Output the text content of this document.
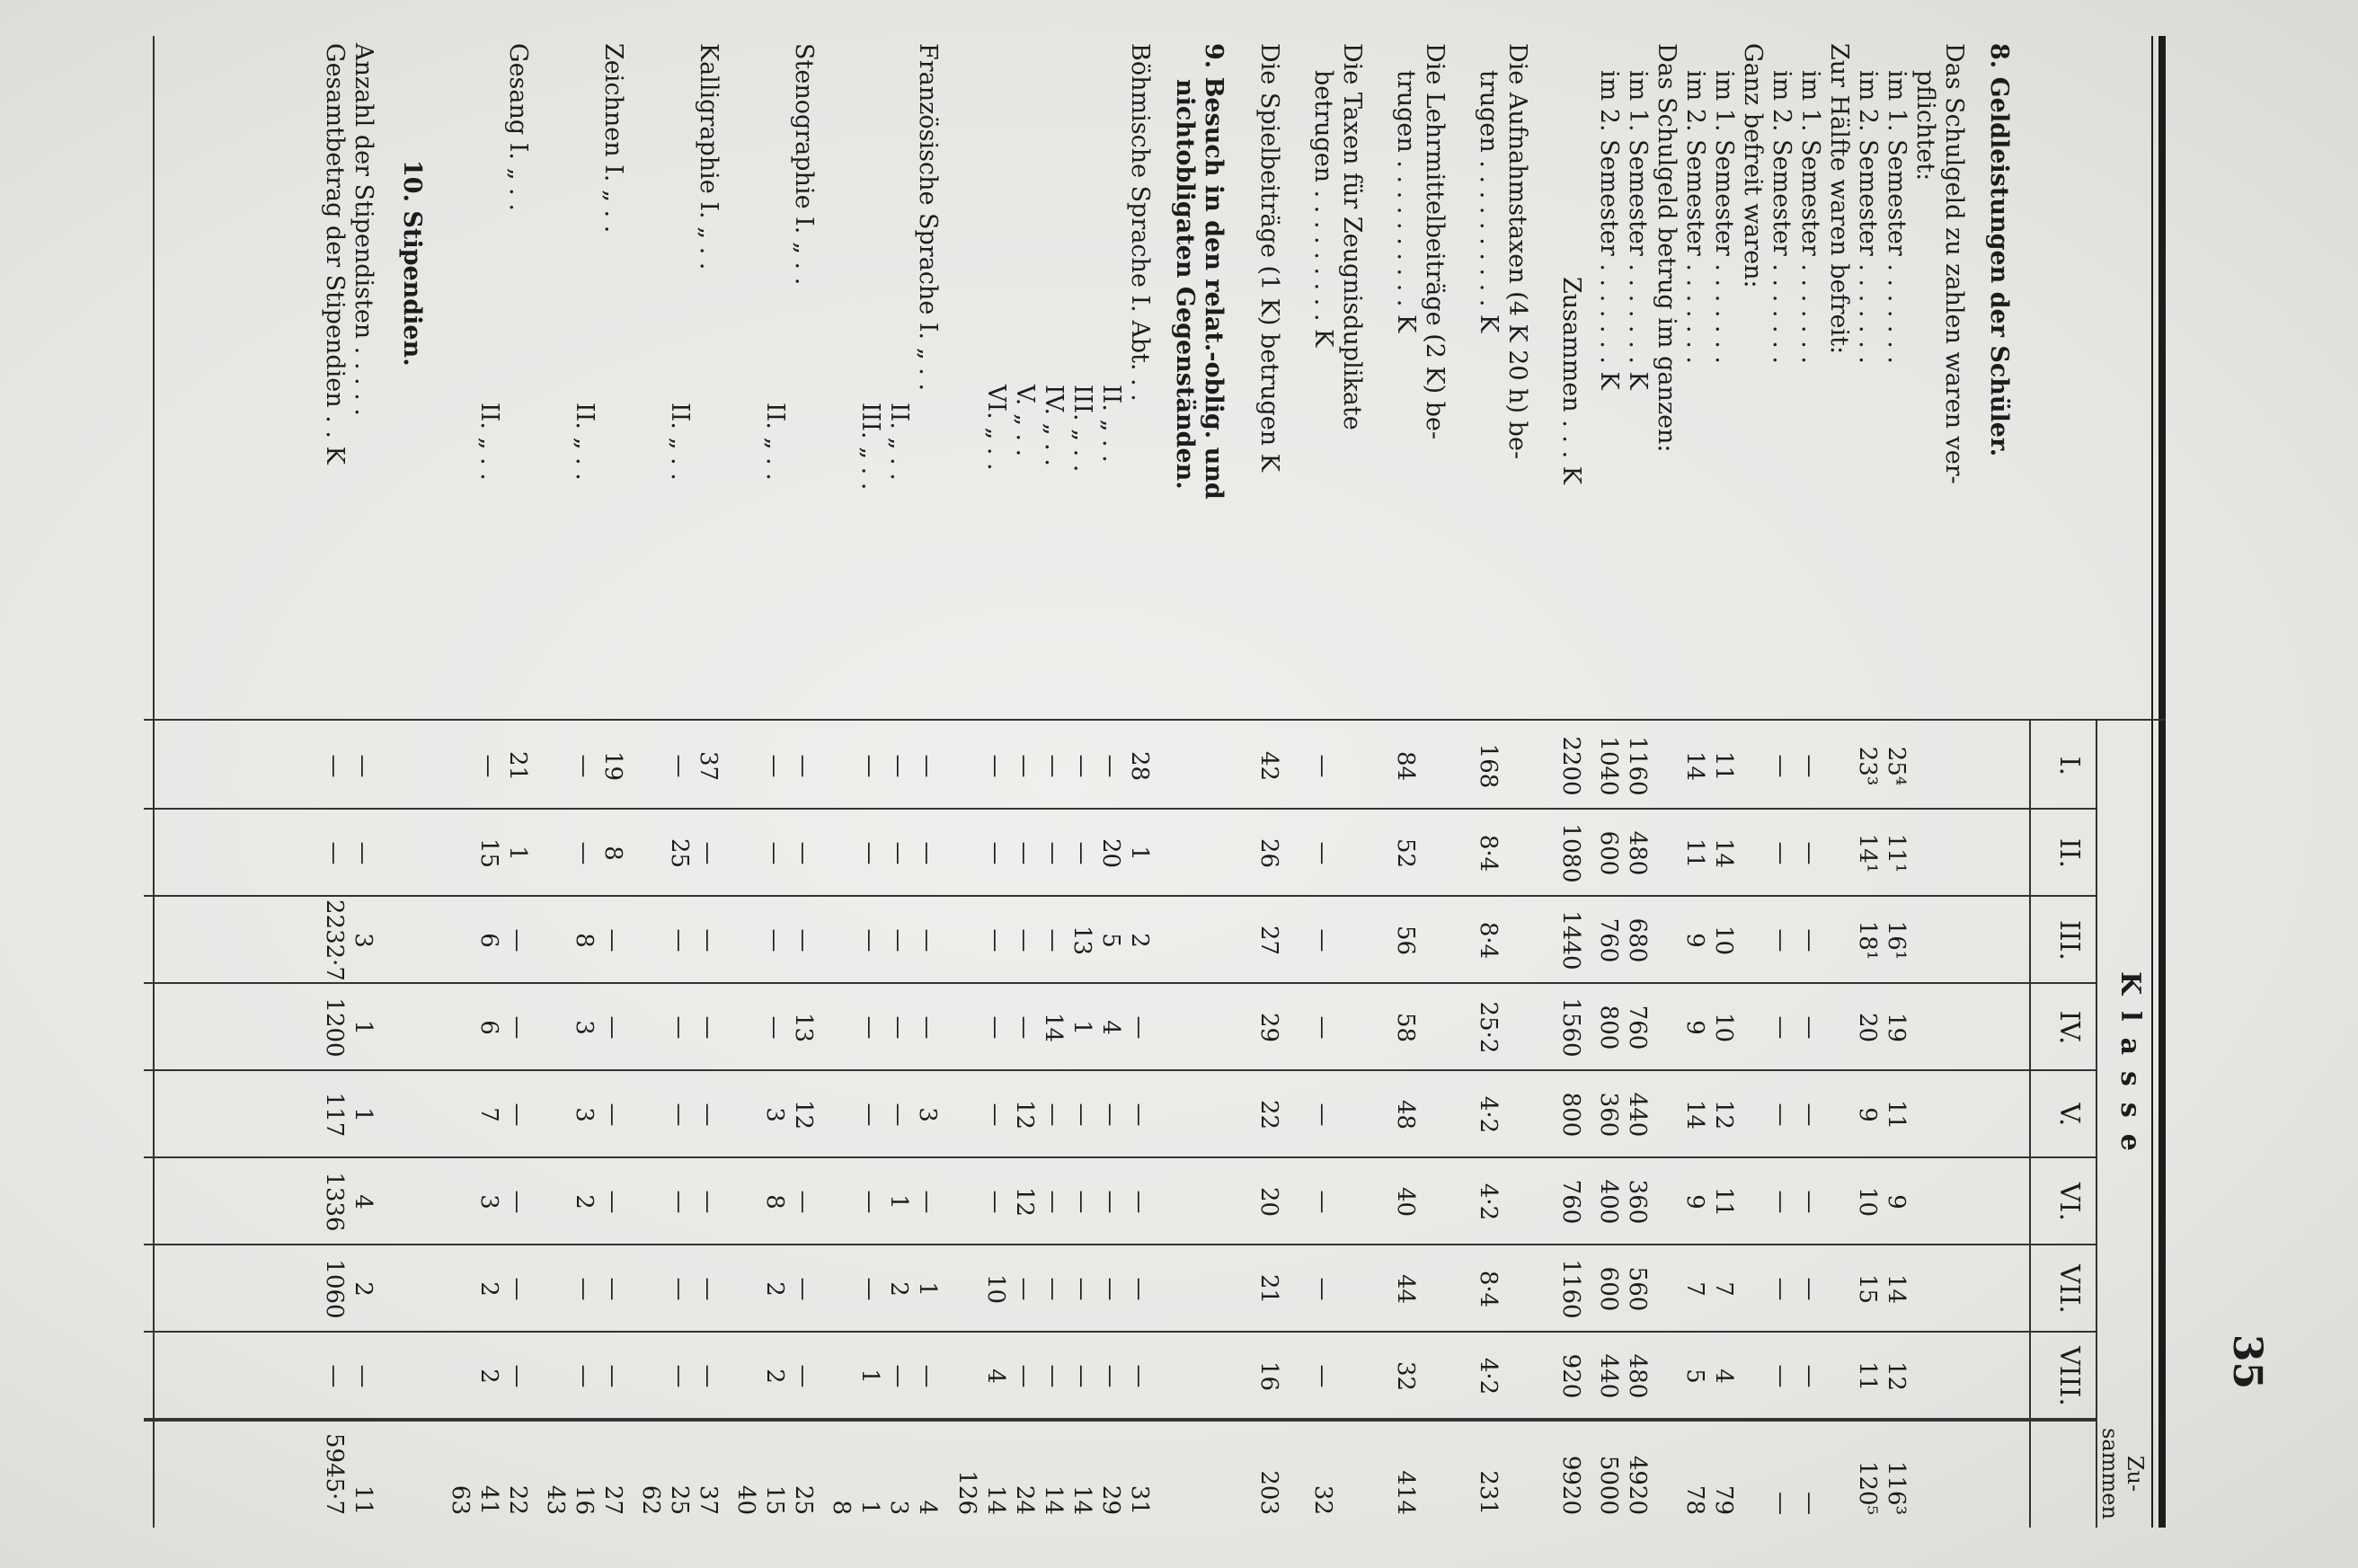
35
Klasse
Zu- sammen
I.
II.
III.
IV.
V.
VI.
VII.
VIII.
8. Geldleistungen der Schüler.
Das Schulgeld zu zahlen waren ver-
pflichtet:
im 1. Semester . . . . . . .
25⁴
11¹
16¹
19
11
9
14
12
116³
im 2. Semester . . . . . . .
23³
14¹
18¹
20
9
10
15
11
120⁵
Zur Hälfte waren befreit:
im 1. Semester . . . . . . .
—
—
—
—
—
—
—
—
—
im 2. Semester . . . . . . .
—
—
—
—
—
—
—
—
—
Ganz befreit waren:
im 1. Semester . . . . . . .
11
14
10
10
12
11
7
4
79
im 2. Semester . . . . . . .
14
11
9
9
14
9
7
5
78
Das Schulgeld betrug im ganzen:
im 1. Semester . . . . . . . K
1160
480
680
760
440
360
560
480
4920
im 2. Semester . . . . . . . K
1040
600
760
800
360
400
600
440
5000
Zusammen . . . K
2200
1080
1440
1560
800
760
1160
920
9920
Die Aufnahmstaxen (4 K 20 h) be-
trugen . . . . . . . . . . K
168
8·4
8·4
25·2
4·2
4·2
8·4
4·2
231
Die Lehrmittelbeiträge (2 K) be-
trugen . . . . . . . . . . K
84
52
56
58
48
40
44
32
414
Die Taxen für Zeugnisduplikate
betrugen . . . . . . . . . K
—
—
—
—
—
—
—
—
32
Die Spielbeiträge (1 K) betrugen K
42
26
27
29
22
20
21
16
203
9. Besuch in den relat.-oblig. und
nichtobligaten Gegenständen.
Böhmische Sprache I. Abt. . .
28
1
2
—
—
—
—
—
31
II. „ . .
—
20
5
4
—
—
—
—
29
III. „ . .
—
—
13
1
—
—
—
—
14
IV. „ . .
—
—
—
14
—
—
—
—
14
V. „ . .
—
—
—
—
12
12
—
—
24
VI. „ . .
—
—
—
—
—
—
10
4
14
126
Französische Sprache I. „ . .
—
—
—
—
3
—
1
—
4
II. „ . .
—
—
—
—
—
1
2
—
3
III. „ . .
—
—
—
—
—
—
—
1
1
8
Stenographie I. „ . .
—
—
—
13
12
—
—
—
25
II. „ . .
—
—
—
—
3
8
2
2
15
40
Kalligraphie I. „ . .
37
—
—
—
—
—
—
—
37
II. „ . .
—
25
—
—
—
—
—
—
25
62
Zeichnen I. „ . .
19
8
—
—
—
—
—
—
27
II. „ . .
—
—
8
3
3
2
—
—
16
43
Gesang I. „ . .
21
1
—
—
—
—
—
—
22
II. „ . .
—
15
6
6
7
3
2
2
41
63
10. Stipendien.
Anzahl der Stipendisten . . . . .
—
—
3
1
1
4
2
—
11
Gesamtbetrag der Stipendien . . K
—
—
2232·7
1200
117
1336
1060
—
5945·7
